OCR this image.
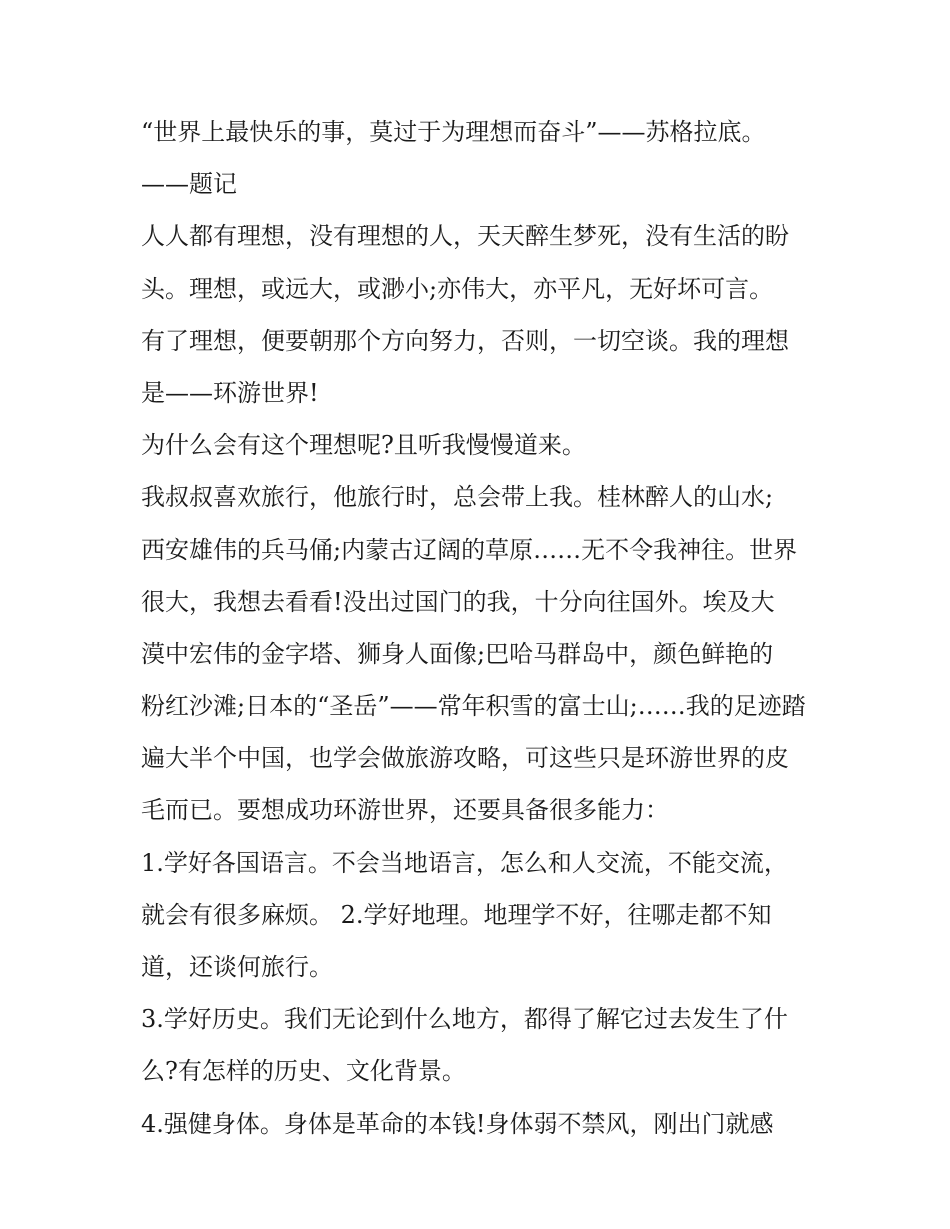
“世界上最快乐的事，莫过于为理想而奋斗”——苏格拉底。

——题记

人人都有理想，没有理想的人，天天醉生梦死，没有生活的盼

头。理想，或远大，或渺小;亦伟大，亦平凡，无好坏可言。

有了理想，便要朝那个方向努力，否则，一切空谈。我的理想

是——环游世界!

为什么会有这个理想呢?且听我慢慢道来。

我叔叔喜欢旅行，他旅行时，总会带上我。桂林醉人的山水;

西安雄伟的兵马俑;内蒙古辽阔的草原……无不令我神往。世界

很大，我想去看看!没出过国门的我，十分向往国外。埃及大

漠中宏伟的金字塔、狮身人面像;巴哈马群岛中，颜色鲜艳的

粉红沙滩;日本的“圣岳”——常年积雪的富士山;……我的足迹踏

遍大半个中国，也学会做旅游攻略，可这些只是环游世界的皮

毛而已。要想成功环游世界，还要具备很多能力：

1.学好各国语言。不会当地语言，怎么和人交流，不能交流，

就会有很多麻烦。 2.学好地理。地理学不好，往哪走都不知

道，还谈何旅行。

3.学好历史。我们无论到什么地方，都得了解它过去发生了什

么?有怎样的历史、文化背景。

4.强健身体。身体是革命的本钱!身体弱不禁风，刚出门就感
